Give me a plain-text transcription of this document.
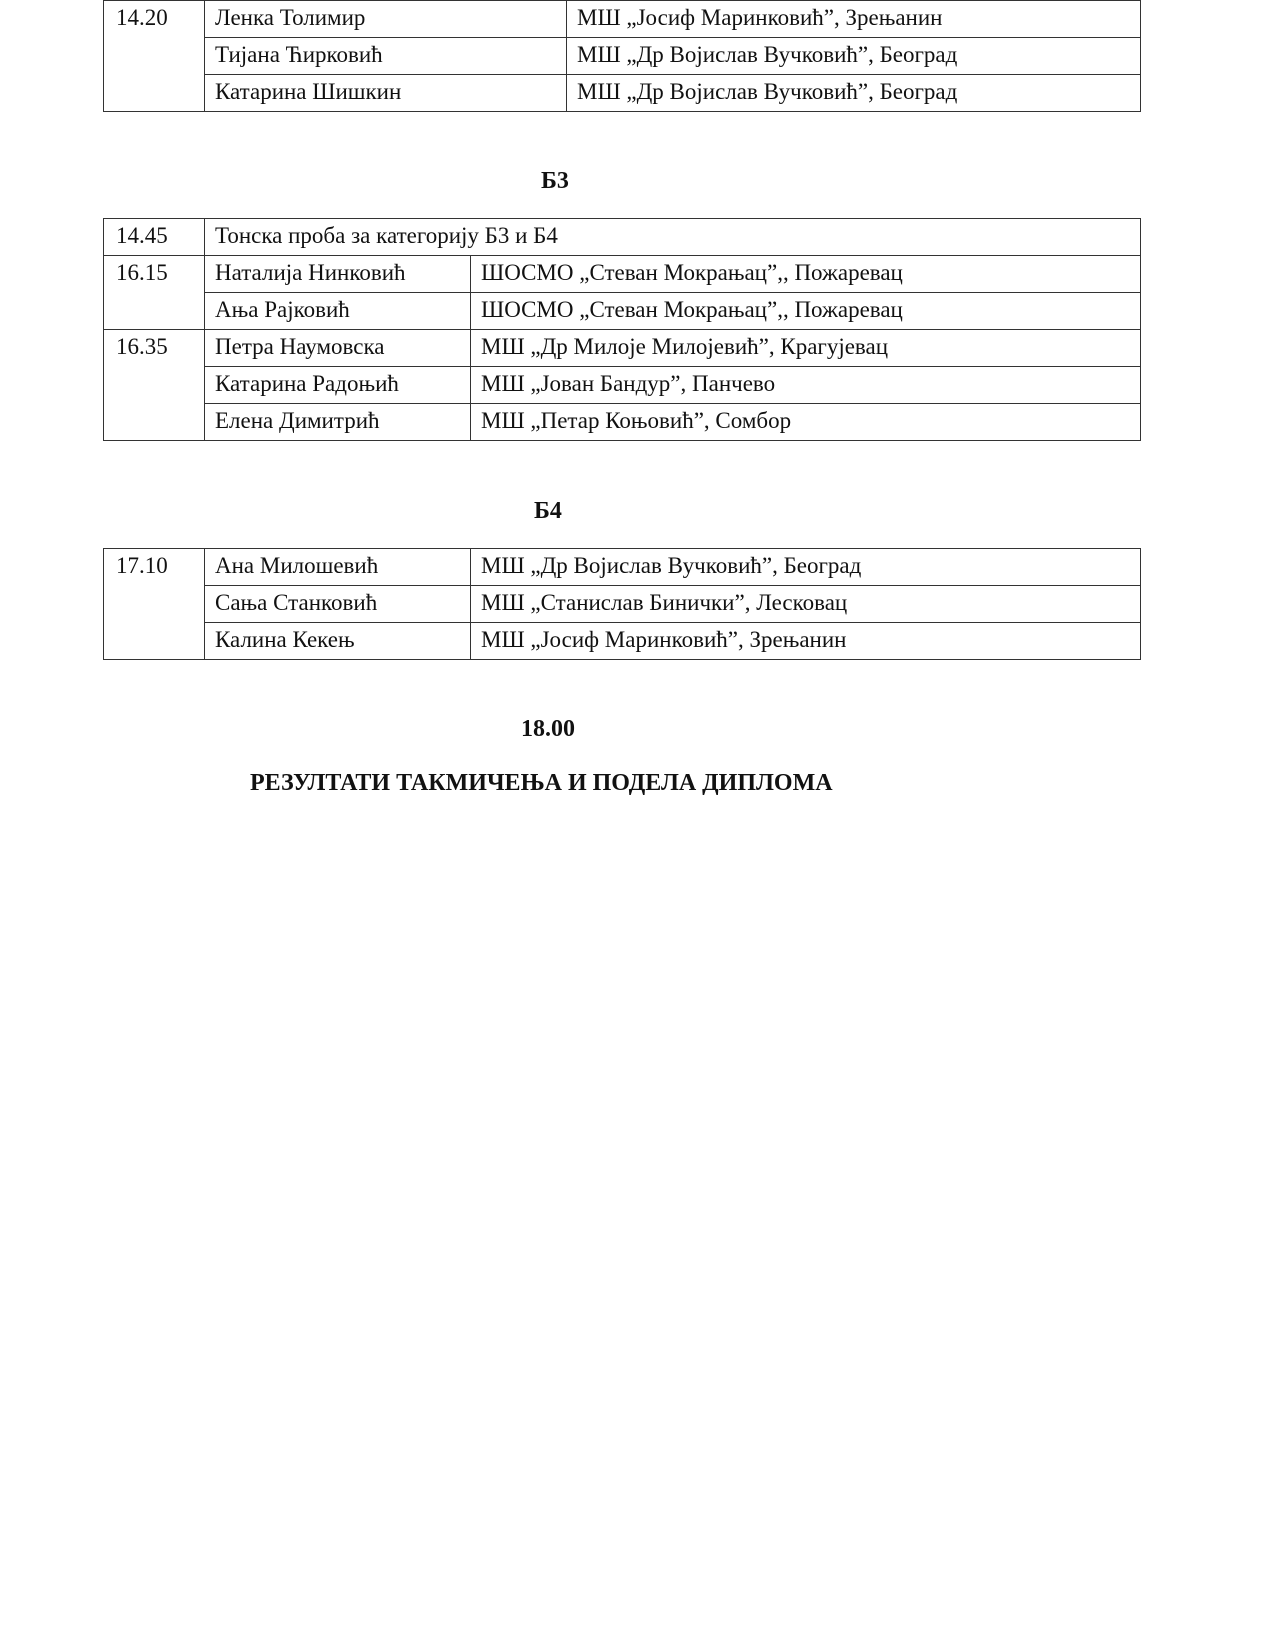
14.20	Ленка Толимир	МШ „Јосиф Маринковић”, Зрењанин
	Тијана Ћирковић	МШ „Др Војислав Вучковић”, Београд
	Катарина Шишкин	МШ „Др Војислав Вучковић”, Београд
Б3
14.45	Тонска проба за категорију Б3 и Б4	
16.15	Наталија Нинковић	ШОСМО „Стеван Мокрањац”,, Пожаревац
	Ања Рајковић	ШОСМО „Стеван Мокрањац”,, Пожаревац
16.35	Петра Наумовска	МШ „Др Милоје Милојевић”, Крагујевац
	Катарина Радоњић	МШ „Јован Бандур”, Панчево
	Елена Димитрић	МШ „Петар Коњовић”, Сомбор
Б4
17.10	Ана Милошевић	МШ „Др Војислав Вучковић”, Београд
	Сања Станковић	МШ „Станислав Бинички”, Лесковац
	Калина Кекењ	МШ „Јосиф Маринковић”, Зрењанин
18.00
РЕЗУЛТАТИ ТАКМИЧЕЊА И ПОДЕЛА ДИПЛОМА
